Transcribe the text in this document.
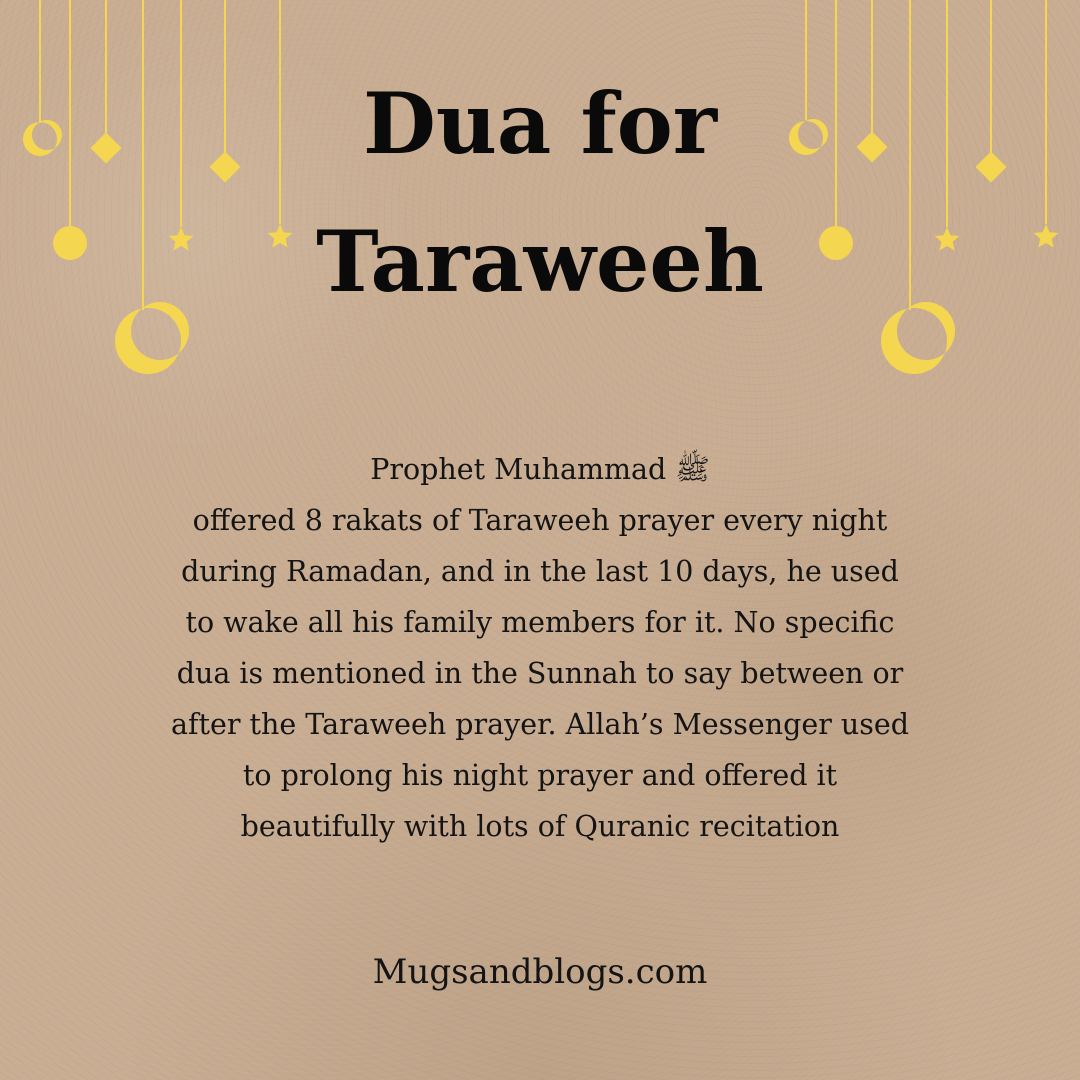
Dua for
Taraweeh
Prophet Muhammad ﷺ
offered 8 rakats of Taraweeh prayer every night
during Ramadan, and in the last 10 days, he used
to wake all his family members for it. No specific
dua is mentioned in the Sunnah to say between or
after the Taraweeh prayer. Allah’s Messenger used
to prolong his night prayer and offered it
beautifully with lots of Quranic recitation
Mugsandblogs.com
